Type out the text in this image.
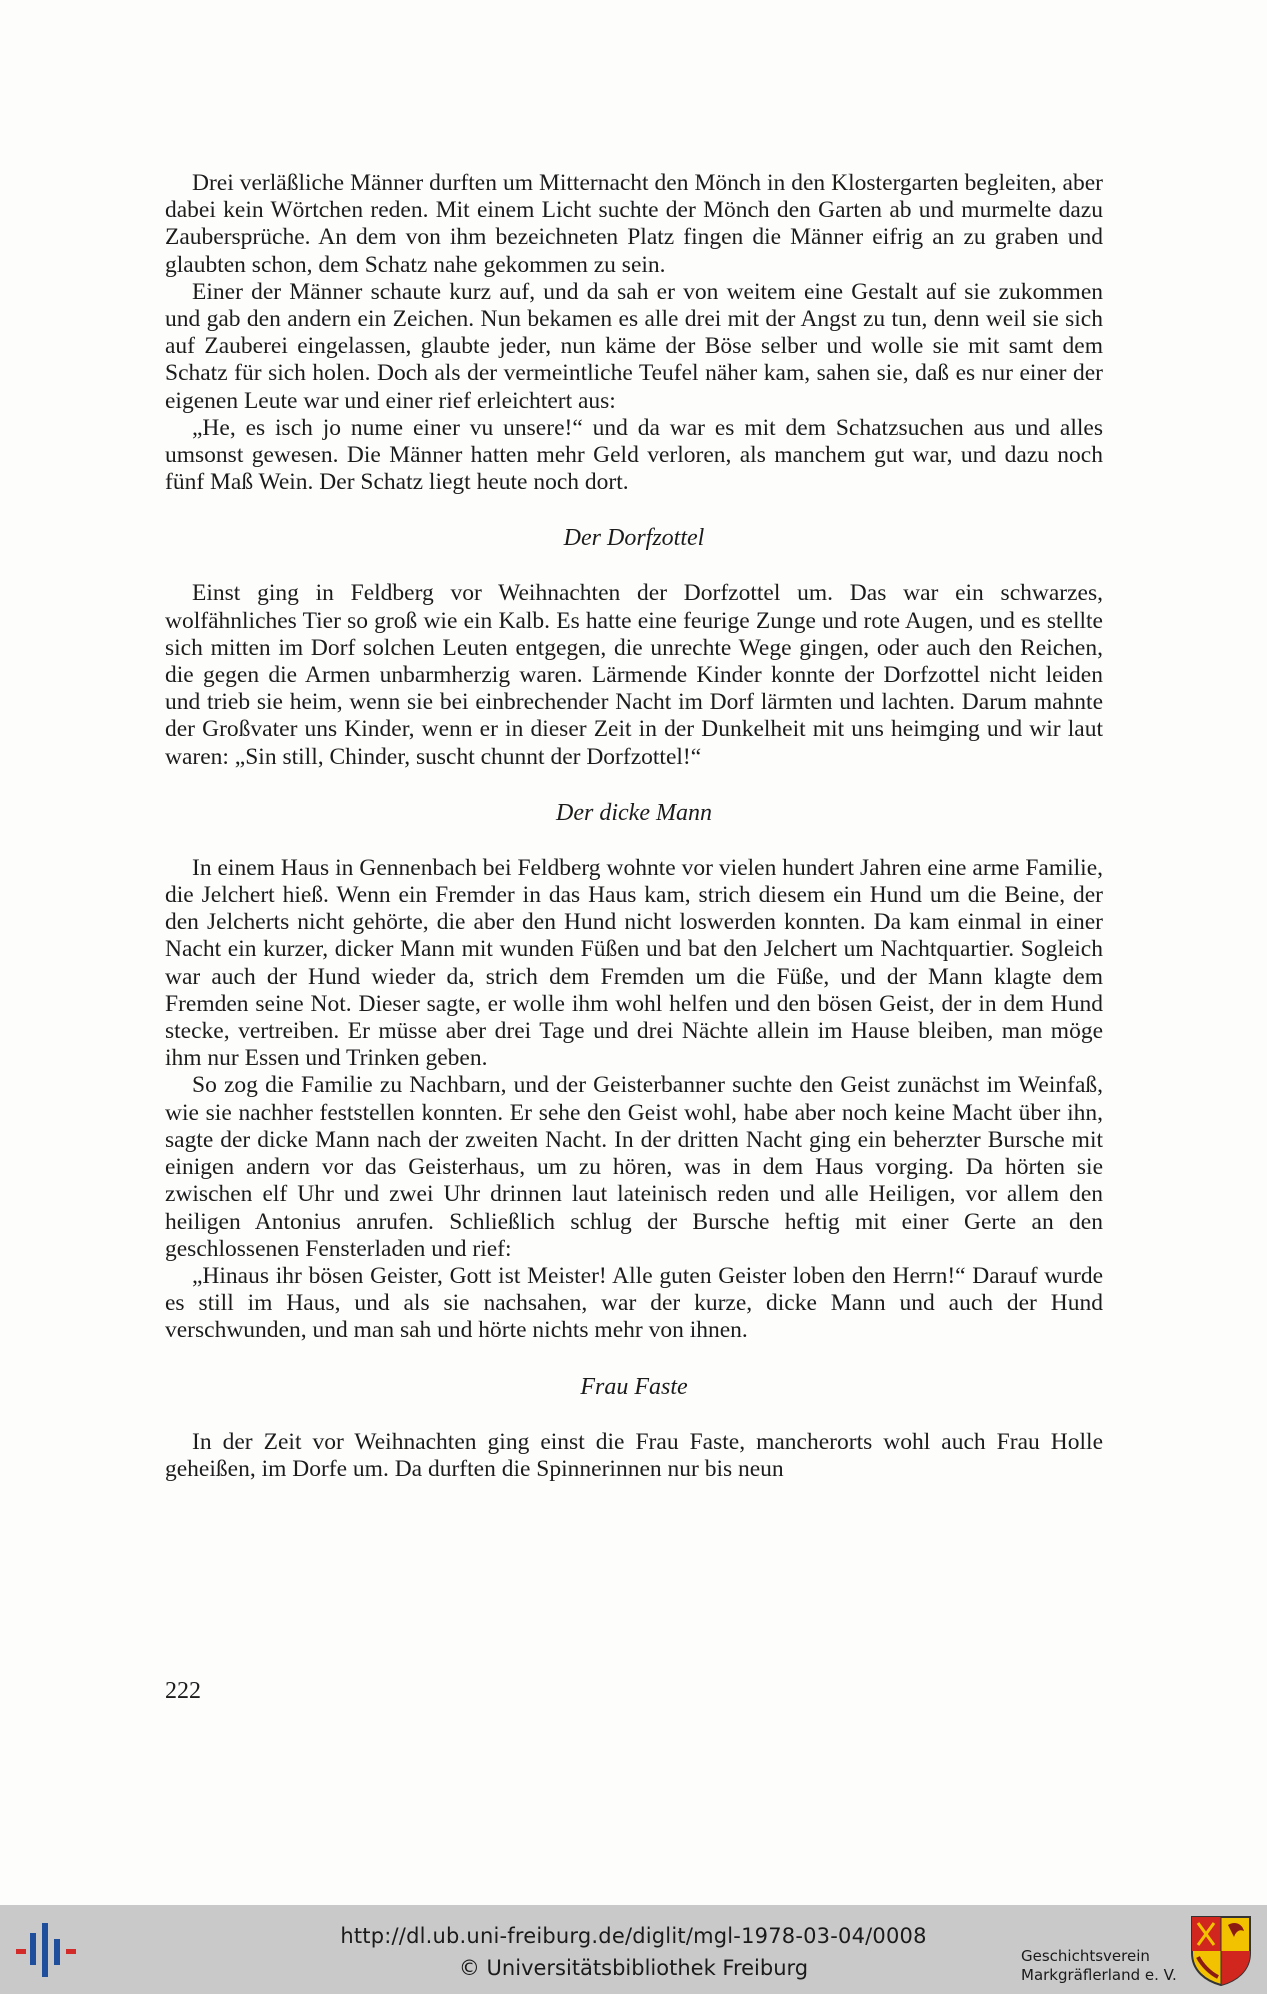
Drei verläßliche Männer durften um Mitternacht den Mönch in den Klostergarten begleiten, aber dabei kein Wörtchen reden. Mit einem Licht suchte der Mönch den Garten ab und murmelte dazu Zaubersprüche. An dem von ihm bezeichneten Platz fingen die Männer eifrig an zu graben und glaubten schon, dem Schatz nahe gekommen zu sein.

Einer der Männer schaute kurz auf, und da sah er von weitem eine Gestalt auf sie zukommen und gab den andern ein Zeichen. Nun bekamen es alle drei mit der Angst zu tun, denn weil sie sich auf Zauberei eingelassen, glaubte jeder, nun käme der Böse selber und wolle sie mit samt dem Schatz für sich holen. Doch als der vermeintliche Teufel näher kam, sahen sie, daß es nur einer der eigenen Leute war und einer rief erleichtert aus:

„He, es isch jo nume einer vu unsere!“ und da war es mit dem Schatzsuchen aus und alles umsonst gewesen. Die Männer hatten mehr Geld verloren, als manchem gut war, und dazu noch fünf Maß Wein. Der Schatz liegt heute noch dort.

Der Dorfzottel

Einst ging in Feldberg vor Weihnachten der Dorfzottel um. Das war ein schwarzes, wolfähnliches Tier so groß wie ein Kalb. Es hatte eine feurige Zunge und rote Augen, und es stellte sich mitten im Dorf solchen Leuten entgegen, die unrechte Wege gingen, oder auch den Reichen, die gegen die Armen unbarmherzig waren. Lärmende Kinder konnte der Dorfzottel nicht leiden und trieb sie heim, wenn sie bei einbrechender Nacht im Dorf lärmten und lachten. Darum mahnte der Großvater uns Kinder, wenn er in dieser Zeit in der Dunkelheit mit uns heimging und wir laut waren: „Sin still, Chinder, suscht chunnt der Dorfzottel!“

Der dicke Mann

In einem Haus in Gennenbach bei Feldberg wohnte vor vielen hundert Jahren eine arme Familie, die Jelchert hieß. Wenn ein Fremder in das Haus kam, strich diesem ein Hund um die Beine, der den Jelcherts nicht gehörte, die aber den Hund nicht loswerden konnten. Da kam einmal in einer Nacht ein kurzer, dicker Mann mit wunden Füßen und bat den Jelchert um Nachtquartier. Sogleich war auch der Hund wieder da, strich dem Fremden um die Füße, und der Mann klagte dem Fremden seine Not. Dieser sagte, er wolle ihm wohl helfen und den bösen Geist, der in dem Hund stecke, vertreiben. Er müsse aber drei Tage und drei Nächte allein im Hause bleiben, man möge ihm nur Essen und Trinken geben.

So zog die Familie zu Nachbarn, und der Geisterbanner suchte den Geist zunächst im Weinfaß, wie sie nachher feststellen konnten. Er sehe den Geist wohl, habe aber noch keine Macht über ihn, sagte der dicke Mann nach der zweiten Nacht. In der dritten Nacht ging ein beherzter Bursche mit einigen andern vor das Geisterhaus, um zu hören, was in dem Haus vorging. Da hörten sie zwischen elf Uhr und zwei Uhr drinnen laut lateinisch reden und alle Heiligen, vor allem den heiligen Antonius anrufen. Schließlich schlug der Bursche heftig mit einer Gerte an den geschlossenen Fensterladen und rief:

„Hinaus ihr bösen Geister, Gott ist Meister! Alle guten Geister loben den Herrn!“ Darauf wurde es still im Haus, und als sie nachsahen, war der kurze, dicke Mann und auch der Hund verschwunden, und man sah und hörte nichts mehr von ihnen.

Frau Faste

In der Zeit vor Weihnachten ging einst die Frau Faste, mancherorts wohl auch Frau Holle geheißen, im Dorfe um. Da durften die Spinnerinnen nur bis neun

222
http://dl.ub.uni-freiburg.de/diglit/mgl-1978-03-04/0008
© Universitätsbibliothek Freiburg	Geschichtsverein
Markgräflerland e. V.
